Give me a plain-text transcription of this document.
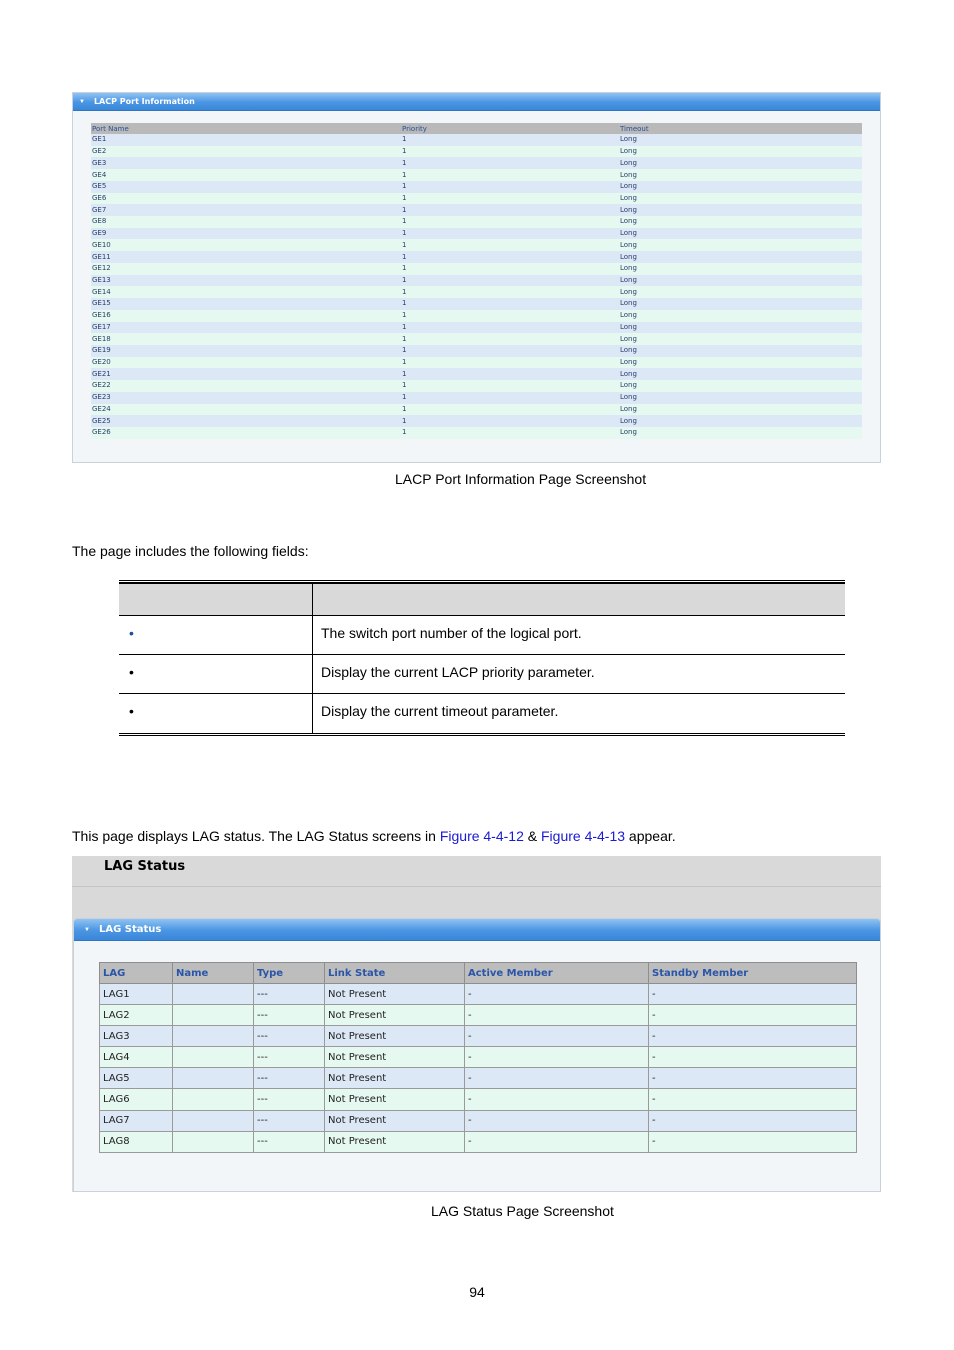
▼ LACP Port Information
Port Name	Priority	Timeout
GE1	1	Long
GE2	1	Long
GE3	1	Long
GE4	1	Long
GE5	1	Long
GE6	1	Long
GE7	1	Long
GE8	1	Long
GE9	1	Long
GE10	1	Long
GE11	1	Long
GE12	1	Long
GE13	1	Long
GE14	1	Long
GE15	1	Long
GE16	1	Long
GE17	1	Long
GE18	1	Long
GE19	1	Long
GE20	1	Long
GE21	1	Long
GE22	1	Long
GE23	1	Long
GE24	1	Long
GE25	1	Long
GE26	1	Long
LACP Port Information Page Screenshot
The page includes the following fields:
•	The switch port number of the logical port.
•	Display the current LACP priority parameter.
•	Display the current timeout parameter.
This page displays LAG status. The LAG Status screens in Figure 4-4-12 & Figure 4-4-13 appear.
LAG Status
▼ LAG Status
LAG	Name	Type	Link State	Active Member	Standby Member
LAG1		---	Not Present	-	-
LAG2		---	Not Present	-	-
LAG3		---	Not Present	-	-
LAG4		---	Not Present	-	-
LAG5		---	Not Present	-	-
LAG6		---	Not Present	-	-
LAG7		---	Not Present	-	-
LAG8		---	Not Present	-	-
LAG Status Page Screenshot
94
